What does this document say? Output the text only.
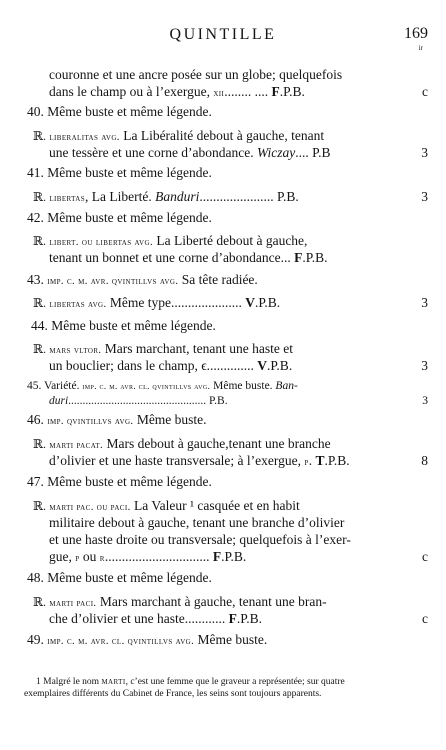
QUINTILLE	169
ir
couronne et une ancre posée sur un globe; quelquefois
dans le champ ou à l’exergue, xii........ .... F.P.B.	c
40. Même buste et même légende.
ℝ. liberalitas avg. La Libéralité debout à gauche, tenant
une tessère et une corne d’abondance. Wiczay.... P.B	3
41. Même buste et même légende.
ℝ. libertas, La Liberté. Banduri...................... P.B.	3
42. Même buste et même légende.
ℝ. libert. ou libertas avg. La Liberté debout à gauche,
tenant un bonnet et une corne d’abondance... F.P.B.
43. imp. c. m. avr. qvintillvs avg. Sa tête radiée.
ℝ. libertas avg. Même type..................... V.P.B.	3
44. Même buste et même légende.
ℝ. mars vltor. Mars marchant, tenant une haste et
un bouclier; dans le champ, ϵ.............. V.P.B.	3
45. Variété. imp. c. m. avr. cl. qvintillvs avg. Même buste. Ban-
duri................................................ P.B.	3
46. imp. qvintillvs avg. Même buste.
ℝ. marti pacat. Mars debout à gauche,tenant une branche
d’olivier et une haste transversale; à l’exergue, p. T.P.B.	8
47. Même buste et même légende.
ℝ. marti pac. ou paci. La Valeur ¹ casquée et en habit
militaire debout à gauche, tenant une branche d’olivier
et une haste droite ou transversale; quelquefois à l’exer-
gue, p ou r............................... F.P.B.	c
48. Même buste et même légende.
ℝ. marti paci. Mars marchant à gauche, tenant une bran-
che d’olivier et une haste............ F.P.B.	c
49. imp. c. m. avr. cl. qvintillvs avg. Même buste.
1 Malgré le nom marti, c’est une femme que le graveur a représentée; sur quatre
exemplaires différents du Cabinet de France, les seins sont toujours apparents.
